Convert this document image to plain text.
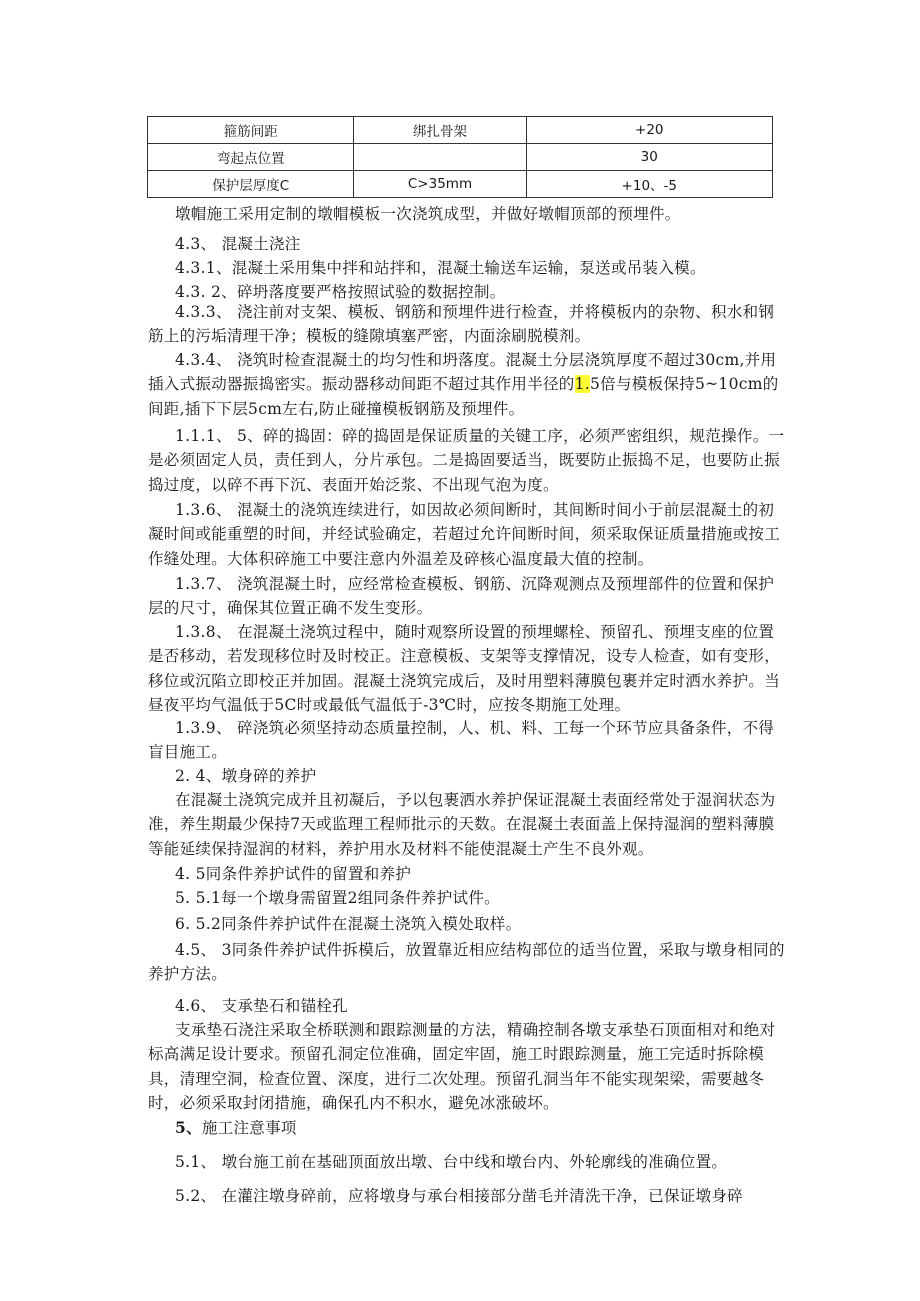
箍筋间距	绑扎骨架	+20
弯起点位置		30
保护层厚度C	C>35mm	+10、-5

墩帽施工采用定制的墩帽模板一次浇筑成型，并做好墩帽顶部的预埋件。

4.3、 混凝土浇注

4.3.1、混凝土采用集中拌和站拌和，混凝土输送车运输，泵送或吊装入模。

4.3. 2、碎坍落度要严格按照试验的数据控制。

4.3.3、 浇注前对支架、模板、钢筋和预埋件进行检查，并将模板内的杂物、积水和钢筋上的污垢清理干净；模板的缝隙填塞严密，内面涂刷脱模剂。

4.3.4、 浇筑时检查混凝土的均匀性和坍落度。混凝土分层浇筑厚度不超过30cm,并用插入式振动器振捣密实。振动器移动间距不超过其作用半径的1.5倍与模板保持5~10cm的间距,插下下层5cm左右,防止碰撞模板钢筋及预埋件。

1.1.1、 5、碎的捣固：碎的捣固是保证质量的关键工序，必须严密组织，规范操作。一是必须固定人员，责任到人，分片承包。二是捣固要适当，既要防止振捣不足，也要防止振捣过度，以碎不再下沉、表面开始泛浆、不出现气泡为度。

1.3.6、 混凝土的浇筑连续进行，如因故必须间断时，其间断时间小于前层混凝土的初凝时间或能重塑的时间，并经试验确定，若超过允许间断时间，须采取保证质量措施或按工作缝处理。大体积碎施工中要注意内外温差及碎核心温度最大值的控制。

1.3.7、 浇筑混凝土时，应经常检查模板、钢筋、沉降观测点及预埋部件的位置和保护层的尺寸，确保其位置正确不发生变形。

1.3.8、 在混凝土浇筑过程中，随时观察所设置的预埋螺栓、预留孔、预埋支座的位置是否移动，若发现移位时及时校正。注意模板、支架等支撑情况，设专人检查，如有变形，移位或沉陷立即校正并加固。混凝土浇筑完成后，及时用塑料薄膜包裹并定时洒水养护。当昼夜平均气温低于5C时或最低气温低于-3℃时，应按冬期施工处理。

1.3.9、 碎浇筑必须坚持动态质量控制，人、机、料、工每一个环节应具备条件，不得盲目施工。

2. 4、墩身碎的养护

在混凝土浇筑完成并且初凝后，予以包裹洒水养护保证混凝土表面经常处于湿润状态为准，养生期最少保持7天或监理工程师批示的天数。在混凝土表面盖上保持湿润的塑料薄膜等能延续保持湿润的材料，养护用水及材料不能使混凝土产生不良外观。

4. 5同条件养护试件的留置和养护

5. 5.1每一个墩身需留置2组同条件养护试件。

6. 5.2同条件养护试件在混凝土浇筑入模处取样。

4.5、 3同条件养护试件拆模后，放置靠近相应结构部位的适当位置，采取与墩身相同的养护方法。

4.6、 支承垫石和锚栓孔

支承垫石浇注采取全桥联测和跟踪测量的方法，精确控制各墩支承垫石顶面相对和绝对标高满足设计要求。预留孔洞定位准确，固定牢固，施工时跟踪测量，施工完适时拆除模具，清理空洞，检查位置、深度，进行二次处理。预留孔洞当年不能实现架梁，需要越冬时，必须采取封闭措施，确保孔内不积水，避免冰涨破坏。

5、施工注意事项

5.1、 墩台施工前在基础顶面放出墩、台中线和墩台内、外轮廓线的准确位置。

5.2、 在灌注墩身碎前，应将墩身与承台相接部分凿毛并清洗干净，已保证墩身碎
